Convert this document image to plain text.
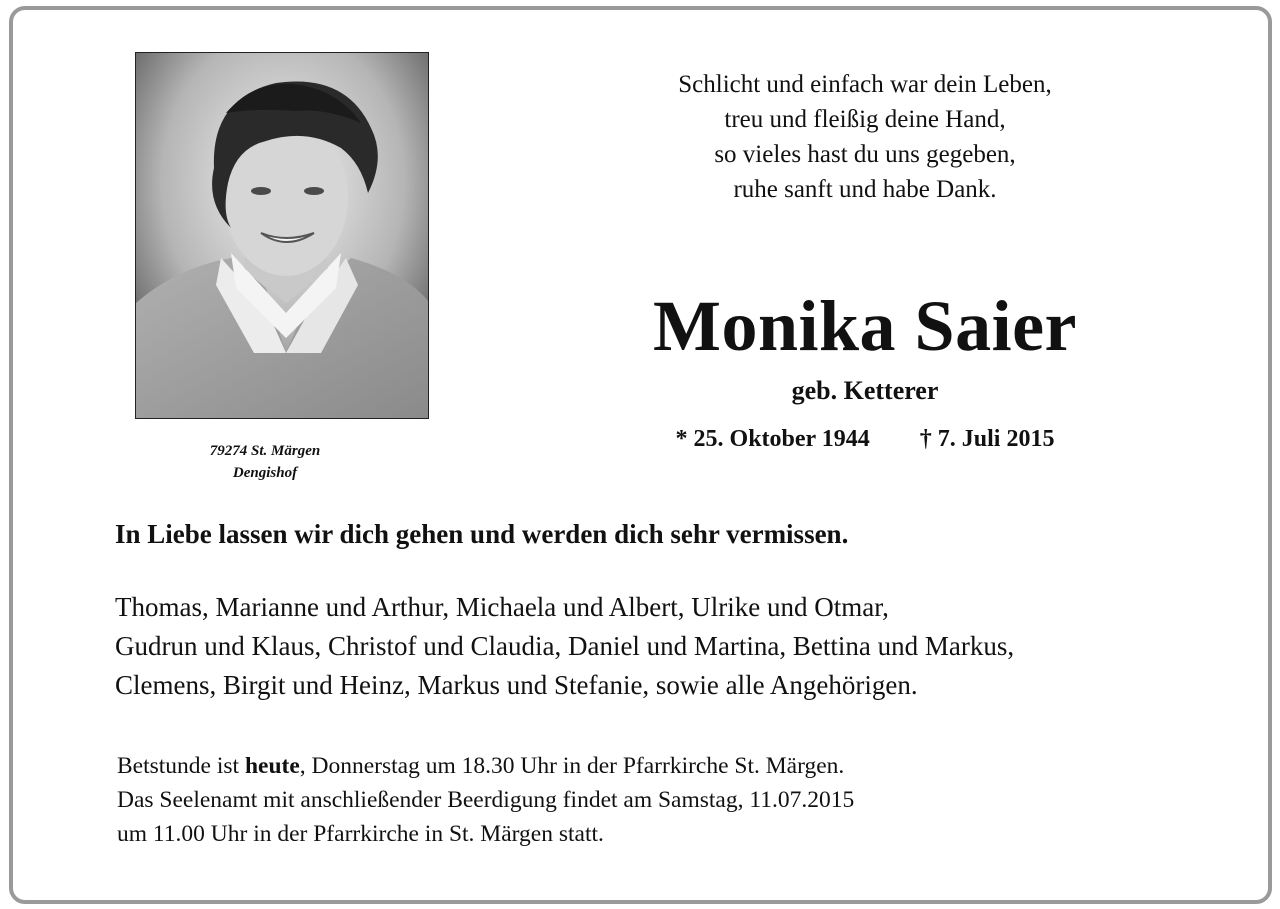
79274 St. Märgen
Dengishof
Schlicht und einfach war dein Leben,
treu und fleißig deine Hand,
so vieles hast du uns gegeben,
ruhe sanft und habe Dank.
Monika Saier
geb. Ketterer
* 25. Oktober 1944 † 7. Juli 2015
In Liebe lassen wir dich gehen und werden dich sehr vermissen.
Thomas, Marianne und Arthur, Michaela und Albert, Ulrike und Otmar,
Gudrun und Klaus, Christof und Claudia, Daniel und Martina, Bettina und Markus,
Clemens, Birgit und Heinz, Markus und Stefanie, sowie alle Angehörigen.
Betstunde ist heute, Donnerstag um 18.30 Uhr in der Pfarrkirche St. Märgen.
Das Seelenamt mit anschließender Beerdigung findet am Samstag, 11.07.2015
um 11.00 Uhr in der Pfarrkirche in St. Märgen statt.
